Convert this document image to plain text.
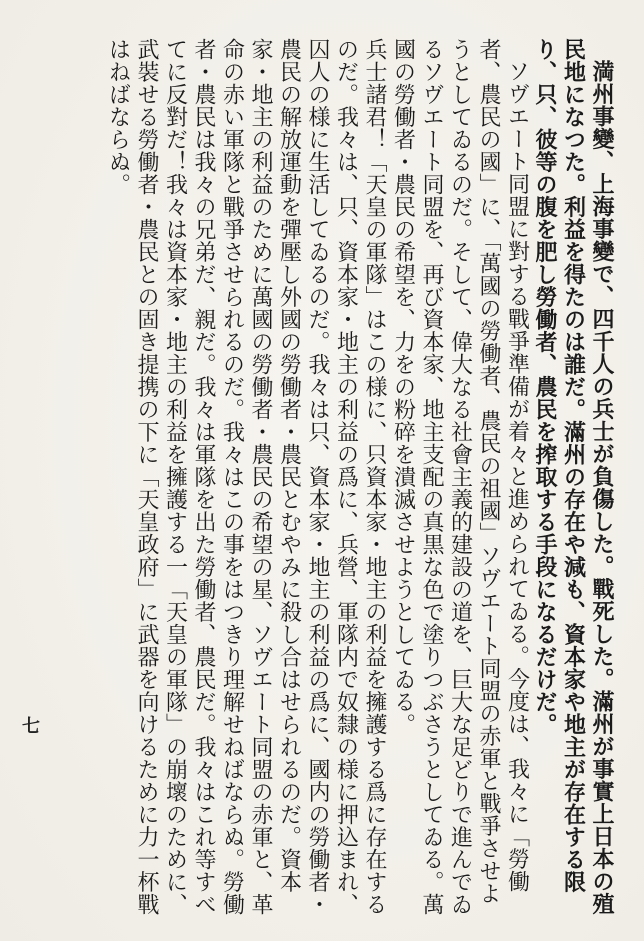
満州事變、上海事變で、四千人の兵士が負傷した。戰死した。滿州が事實上日本の殖民地になつた。利益を得たのは誰だ。滿州の存在や減も、資本家や地主が存在する限り、只、彼等の腹を肥し勞働者、農民を搾取する手段になるだけだ。

ソヴエート同盟に對する戰爭準備が着々と進められてゐる。今度は、我々に「勞働者、農民の國」に、「萬國の勞働者、農民の祖國」ソヴエート同盟の赤軍と戰爭させようとしてゐるのだ。そして、偉大なる社會主義的建設の道を、巨大な足どりで進んでゐるソヴエート同盟を、再び資本家、地主支配の真黒な色で塗りつぶさうとしてゐる。萬國の勞働者・農民の希望を、力をの粉碎を潰滅させようとしてゐる。

兵士諸君！「天皇の軍隊」はこの様に、只資本家・地主の利益を擁護する爲に存在するのだ。我々は、只、資本家・地主の利益の爲に、兵營、軍隊内で奴隸の様に押込まれ、囚人の様に生活してゐるのだ。我々は只、資本家・地主の利益の爲に、國内の勞働者・農民の解放運動を彈壓し外國の勞働者・農民とむやみに殺し合はせられるのだ。資本家・地主の利益のために萬國の勞働者・農民の希望の星、ソヴエート同盟の赤軍と、革命の赤い軍隊と戰爭させられるのだ。我々はこの事をはつきり理解せねばならぬ。勞働者・農民は我々の兄弟だ、親だ。我々は軍隊を出た勞働者、農民だ。我々はこれ等すべてに反對だ！我々は資本家・地主の利益を擁護する一「天皇の軍隊」の崩壞のために、武裝せる勞働者・農民との固き提携の下に「天皇政府」に武器を向けるために力一杯戰はねばならぬ。

七
